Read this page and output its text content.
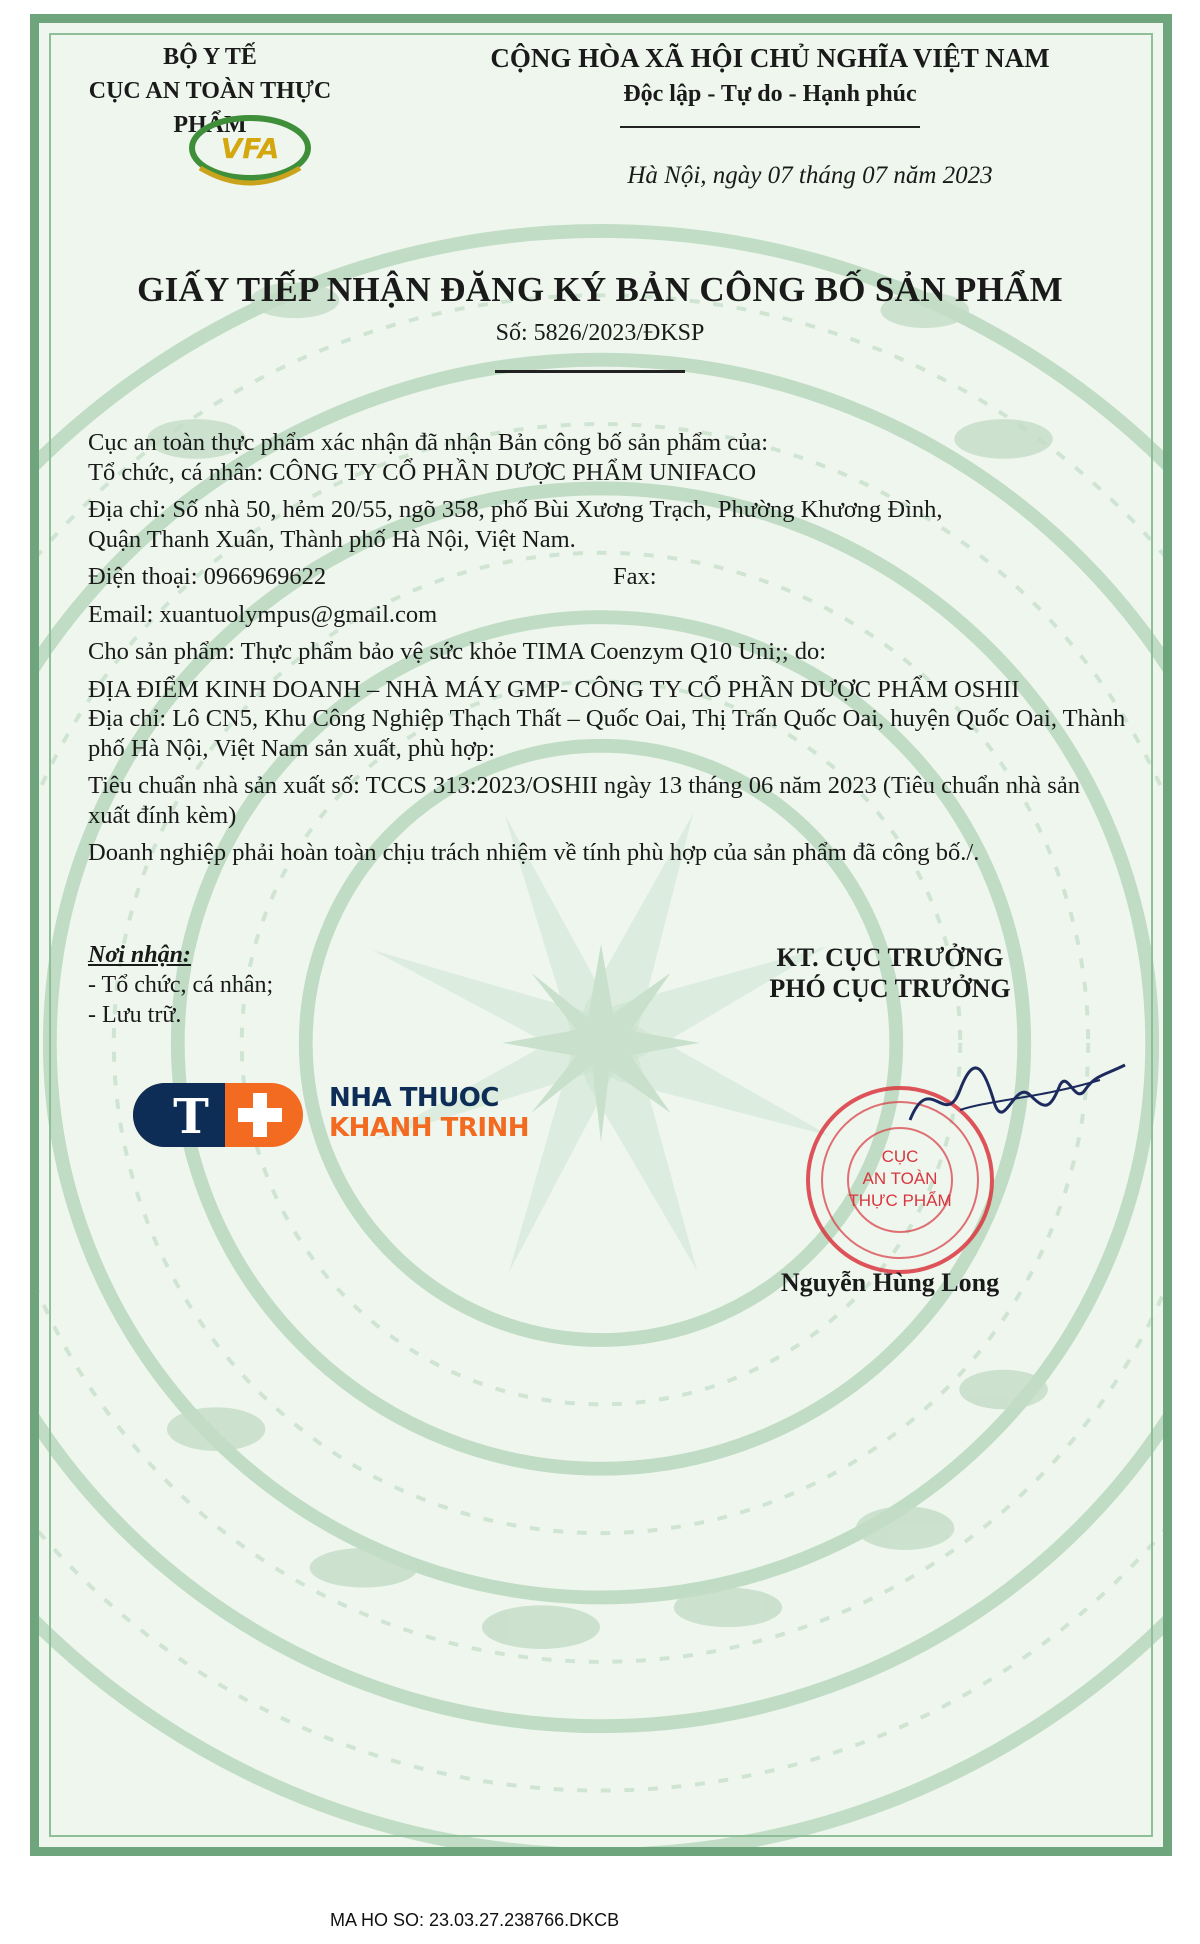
BỘ Y TẾ
CỤC AN TOÀN THỰC PHẨM
VFA
CỘNG HÒA XÃ HỘI CHỦ NGHĨA VIỆT NAM
Độc lập - Tự do - Hạnh phúc
Hà Nội, ngày 07 tháng 07 năm 2023
GIẤY TIẾP NHẬN ĐĂNG KÝ BẢN CÔNG BỐ SẢN PHẨM
Số: 5826/2023/ĐKSP
Cục an toàn thực phẩm xác nhận đã nhận Bản công bố sản phẩm của:
Tổ chức, cá nhân: CÔNG TY CỔ PHẦN DƯỢC PHẨM UNIFACO
Địa chỉ: Số nhà 50, hẻm 20/55, ngõ 358, phố Bùi Xương Trạch, Phường Khương Đình,
Quận Thanh Xuân, Thành phố Hà Nội, Việt Nam.
Điện thoại: 0966969622	Fax:
Email: xuantuolympus@gmail.com
Cho sản phẩm: Thực phẩm bảo vệ sức khỏe TIMA Coenzym Q10 Uni;; do:
ĐỊA ĐIỂM KINH DOANH – NHÀ MÁY GMP- CÔNG TY CỔ PHẦN DƯỢC PHẨM OSHII
Địa chỉ: Lô CN5, Khu Công Nghiệp Thạch Thất – Quốc Oai, Thị Trấn Quốc Oai, huyện Quốc Oai, Thành phố Hà Nội, Việt Nam sản xuất, phù hợp:
Tiêu chuẩn nhà sản xuất số: TCCS 313:2023/OSHII ngày 13 tháng 06 năm 2023 (Tiêu chuẩn nhà sản xuất đính kèm)
Doanh nghiệp phải hoàn toàn chịu trách nhiệm về tính phù hợp của sản phẩm đã công bố./.
Nơi nhận:
- Tổ chức, cá nhân;
- Lưu trữ.
KT. CỤC TRƯỞNG
PHÓ CỤC TRƯỞNG
T	NHA THUOC
KHANH TRINH
CỤC
AN TOÀN
THỰC PHẨM
Nguyễn Hùng Long
MA HO SO: 23.03.27.238766.DKCB
